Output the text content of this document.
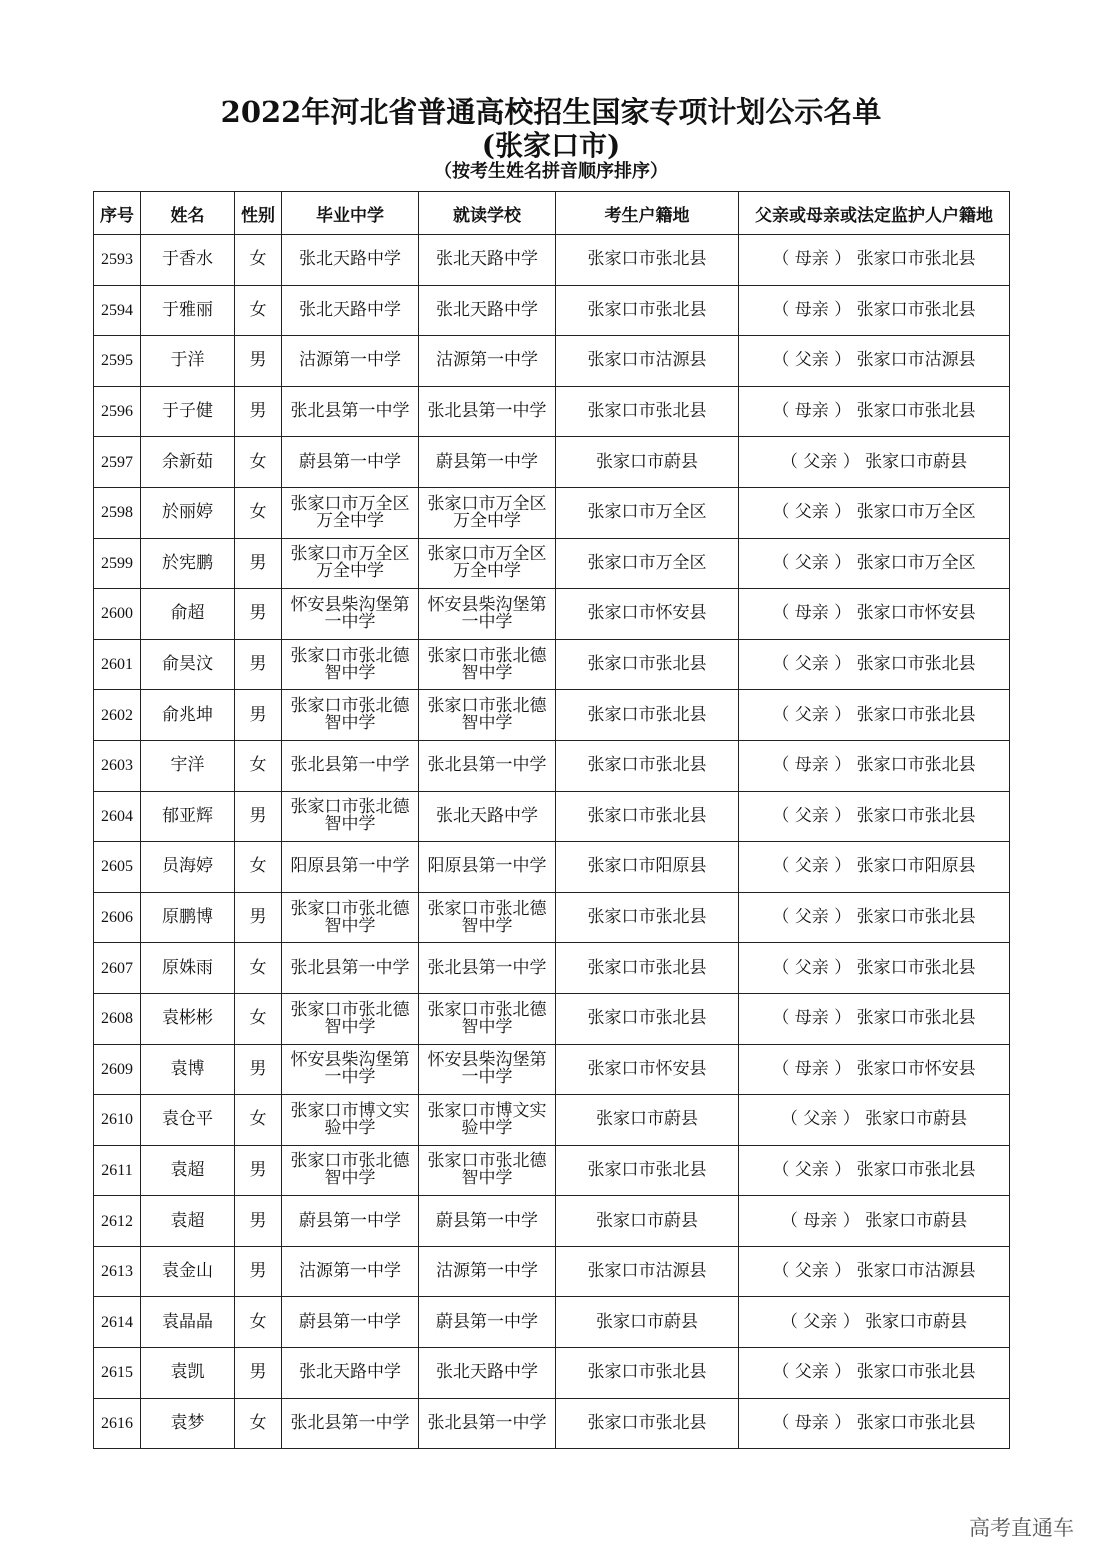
2022年河北省普通高校招生国家专项计划公示名单
(张家口市)
（按考生姓名拼音顺序排序）
序号	姓名	性别	毕业中学	就读学校	考生户籍地	父亲或母亲或法定监护人户籍地
2593	于香水	女	张北天路中学	张北天路中学	张家口市张北县	（ 母亲 ） 张家口市张北县
2594	于雅丽	女	张北天路中学	张北天路中学	张家口市张北县	（ 母亲 ） 张家口市张北县
2595	于洋	男	沽源第一中学	沽源第一中学	张家口市沽源县	（ 父亲 ） 张家口市沽源县
2596	于子健	男	张北县第一中学	张北县第一中学	张家口市张北县	（ 母亲 ） 张家口市张北县
2597	余新茹	女	蔚县第一中学	蔚县第一中学	张家口市蔚县	（ 父亲 ） 张家口市蔚县
2598	於丽婷	女	张家口市万全区万全中学	张家口市万全区万全中学	张家口市万全区	（ 父亲 ） 张家口市万全区
2599	於宪鹏	男	张家口市万全区万全中学	张家口市万全区万全中学	张家口市万全区	（ 父亲 ） 张家口市万全区
2600	俞超	男	怀安县柴沟堡第一中学	怀安县柴沟堡第一中学	张家口市怀安县	（ 母亲 ） 张家口市怀安县
2601	俞昊汶	男	张家口市张北德智中学	张家口市张北德智中学	张家口市张北县	（ 父亲 ） 张家口市张北县
2602	俞兆坤	男	张家口市张北德智中学	张家口市张北德智中学	张家口市张北县	（ 父亲 ） 张家口市张北县
2603	宇洋	女	张北县第一中学	张北县第一中学	张家口市张北县	（ 母亲 ） 张家口市张北县
2604	郁亚辉	男	张家口市张北德智中学	张北天路中学	张家口市张北县	（ 父亲 ） 张家口市张北县
2605	员海婷	女	阳原县第一中学	阳原县第一中学	张家口市阳原县	（ 父亲 ） 张家口市阳原县
2606	原鹏博	男	张家口市张北德智中学	张家口市张北德智中学	张家口市张北县	（ 父亲 ） 张家口市张北县
2607	原姝雨	女	张北县第一中学	张北县第一中学	张家口市张北县	（ 父亲 ） 张家口市张北县
2608	袁彬彬	女	张家口市张北德智中学	张家口市张北德智中学	张家口市张北县	（ 母亲 ） 张家口市张北县
2609	袁博	男	怀安县柴沟堡第一中学	怀安县柴沟堡第一中学	张家口市怀安县	（ 母亲 ） 张家口市怀安县
2610	袁仓平	女	张家口市博文实验中学	张家口市博文实验中学	张家口市蔚县	（ 父亲 ） 张家口市蔚县
2611	袁超	男	张家口市张北德智中学	张家口市张北德智中学	张家口市张北县	（ 父亲 ） 张家口市张北县
2612	袁超	男	蔚县第一中学	蔚县第一中学	张家口市蔚县	（ 母亲 ） 张家口市蔚县
2613	袁金山	男	沽源第一中学	沽源第一中学	张家口市沽源县	（ 父亲 ） 张家口市沽源县
2614	袁晶晶	女	蔚县第一中学	蔚县第一中学	张家口市蔚县	（ 父亲 ） 张家口市蔚县
2615	袁凯	男	张北天路中学	张北天路中学	张家口市张北县	（ 父亲 ） 张家口市张北县
2616	袁梦	女	张北县第一中学	张北县第一中学	张家口市张北县	（ 母亲 ） 张家口市张北县
高考直通车
